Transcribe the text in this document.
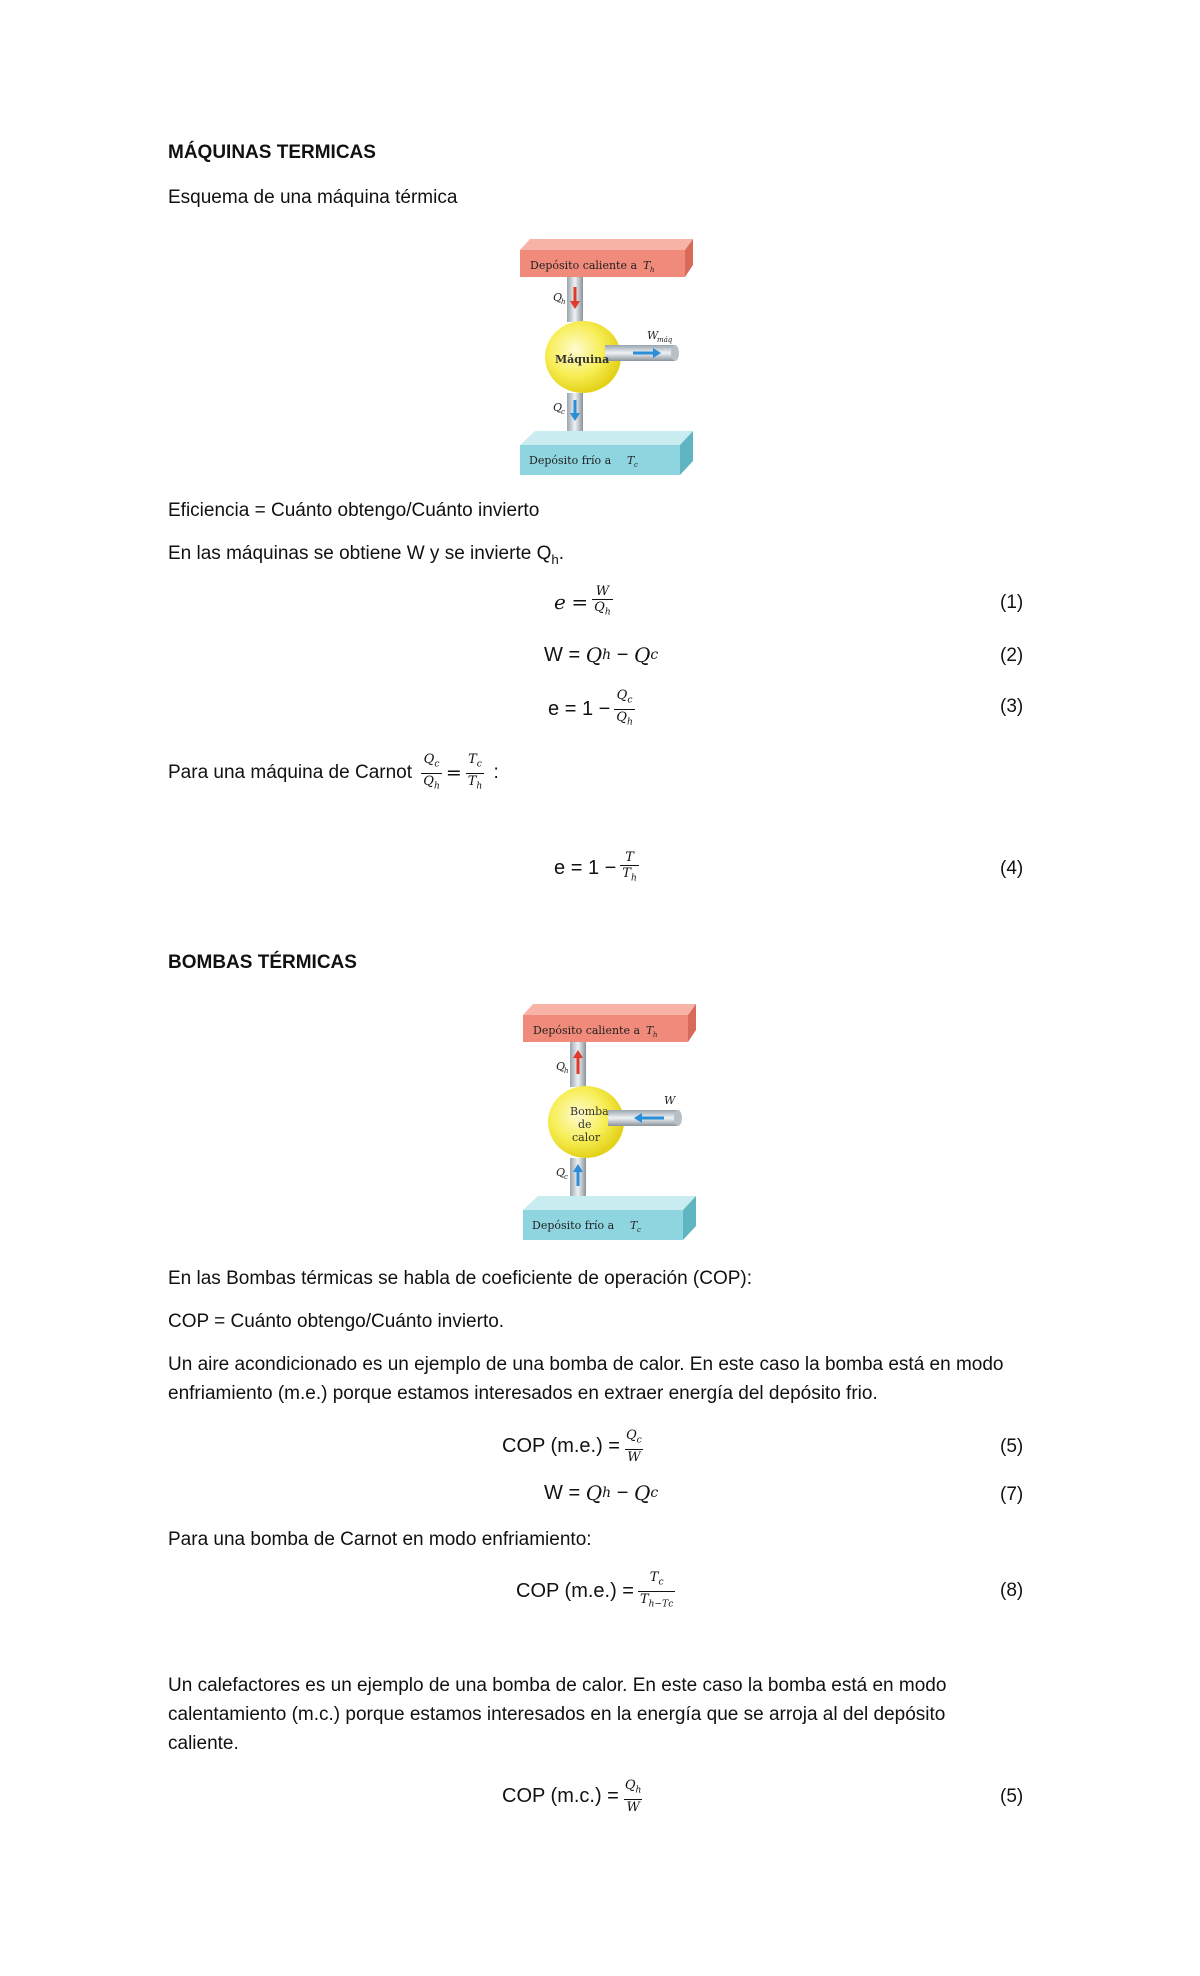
MÁQUINAS TERMICAS
Esquema de una máquina térmica
Depósito caliente a T h
Q
h
Máquina
W
máq
Q
c
Depósito frío a T c
Eficiencia = Cuánto obtengo/Cuánto invierto
En las máquinas se obtiene W y se invierte $Q_h$.
e
= $\frac{W}{Q_h}$	(1)
W
=
Q h
−
Q c	(2)
e
=
$1 - \frac{Q_c}{Q_h}$	(3)
Para una máquina de Carnot
$\frac{Q_c}{Q_h} = \frac{T_c}{T_h}$
:
e
=
$1 - \frac{T}{T_h}$	(4)
BOMBAS TÉRMICAS
Depósito caliente a T h
Q
h
Bomba
de
calor
W
Q
c
Depósito frío a T c
En las Bombas térmicas se habla de coeficiente de operación (COP):
COP = Cuánto obtengo/Cuánto invierto.
Un aire acondicionado es un ejemplo de una bomba de calor. En este caso la bomba está en modo
enfriamiento (m.e.) porque estamos interesados en extraer energía del depósito frio.
COP $(m.e.) = \frac{Q_c}{W}$	(5)
W
=
Q h
−
Q c	(7)
Para una bomba de Carnot en modo enfriamiento:
COP $(m.e.) = \frac{T_c}{T_{h-Tc}}$	(8)
Un calefactores es un ejemplo de una bomba de calor. En este caso la bomba está en modo
calentamiento (m.c.) porque estamos interesados en la energía que se arroja al del depósito
caliente.
COP $(m.c.) = \frac{Q_h}{W}$	(5)
